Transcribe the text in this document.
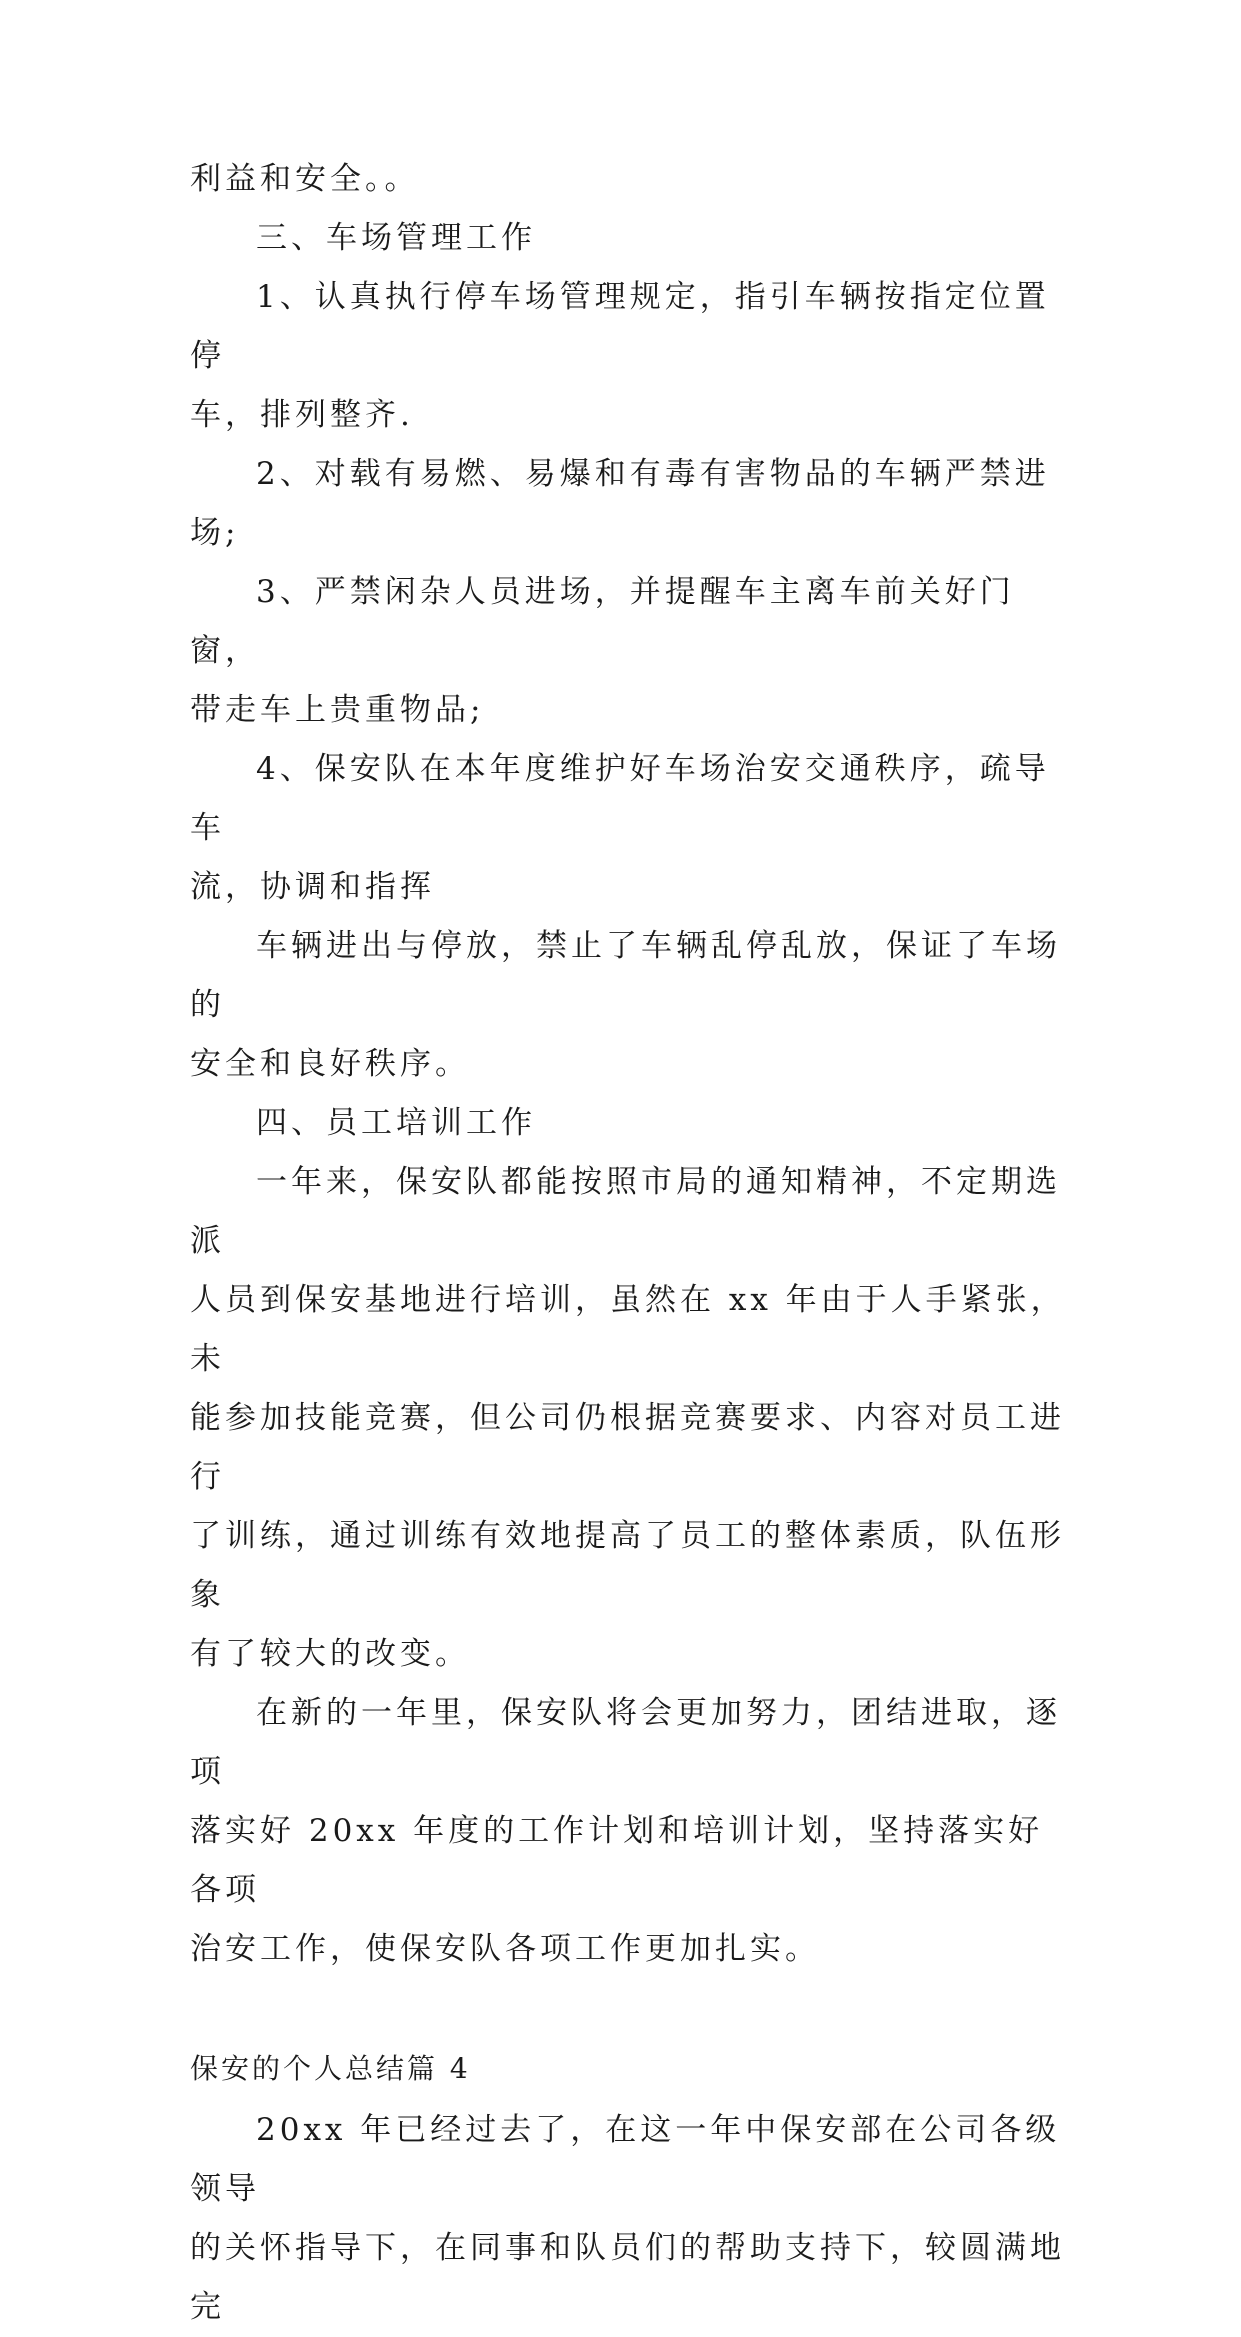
利益和安全。。

三、车场管理工作

1、认真执行停车场管理规定，指引车辆按指定位置停
车，排列整齐.

2、对载有易燃、易爆和有毒有害物品的车辆严禁进场;

3、严禁闲杂人员进场，并提醒车主离车前关好门窗，
带走车上贵重物品;

4、保安队在本年度维护好车场治安交通秩序，疏导车
流，协调和指挥

车辆进出与停放，禁止了车辆乱停乱放，保证了车场的
安全和良好秩序。

四、员工培训工作

一年来，保安队都能按照市局的通知精神，不定期选派
人员到保安基地进行培训，虽然在 xx 年由于人手紧张，未
能参加技能竞赛，但公司仍根据竞赛要求、内容对员工进行
了训练，通过训练有效地提高了员工的整体素质，队伍形象
有了较大的改变。

在新的一年里，保安队将会更加努力，团结进取，逐项
落实好 20xx 年度的工作计划和培训计划，坚持落实好各项
治安工作，使保安队各项工作更加扎实。

保安的个人总结篇 4

20xx 年已经过去了，在这一年中保安部在公司各级领导
的关怀指导下，在同事和队员们的帮助支持下，较圆满地完
